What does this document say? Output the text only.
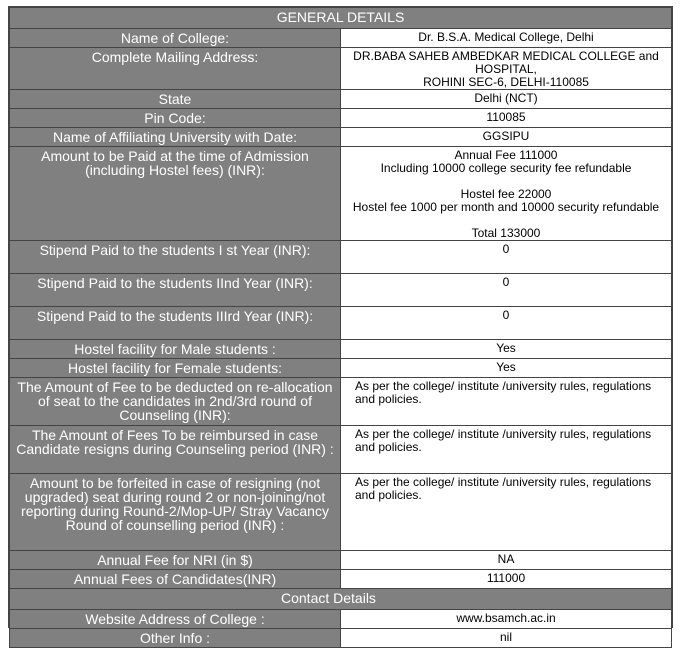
GENERAL DETAILS	
Name of College:	Dr. B.S.A. Medical College, Delhi

Complete Mailing Address:	DR.BABA SAHEB AMBEDKAR MEDICAL COLLEGE and HOSPITAL,
ROHINI SEC-6, DELHI-110085

State	Delhi (NCT)

Pin Code:	110085

Name of Affiliating University with Date:	GGSIPU

Amount to be Paid at the time of Admission (including Hostel fees) (INR):	Annual Fee 111000
Including 10000 college security fee refundable
Hostel fee 22000
Hostel fee 1000 per month and 10000 security refundable
Total 133000

Stipend Paid to the students I st Year (INR):	0

Stipend Paid to the students IInd Year (INR):	0

Stipend Paid to the students IIIrd Year (INR):	0

Hostel facility for Male students :	Yes

Hostel facility for Female students:	Yes

The Amount of Fee to be deducted on re-allocation of seat to the candidates in 2nd/3rd round of Counseling (INR):	As per the college/ institute /university rules, regulations and policies.

The Amount of Fees To be reimbursed in case Candidate resigns during Counseling period (INR) :	As per the college/ institute /university rules, regulations and policies.

Amount to be forfeited in case of resigning (not upgraded) seat during round 2 or non-joining/not reporting during Round-2/Mop-UP/ Stray Vacancy Round of counselling period (INR) :	As per the college/ institute /university rules, regulations and policies.

Annual Fee for NRI (in $)	NA

Annual Fees of Candidates(INR)	111000

Contact Details	
Website Address of College :	www.bsamch.ac.in

Other Info :	nil
